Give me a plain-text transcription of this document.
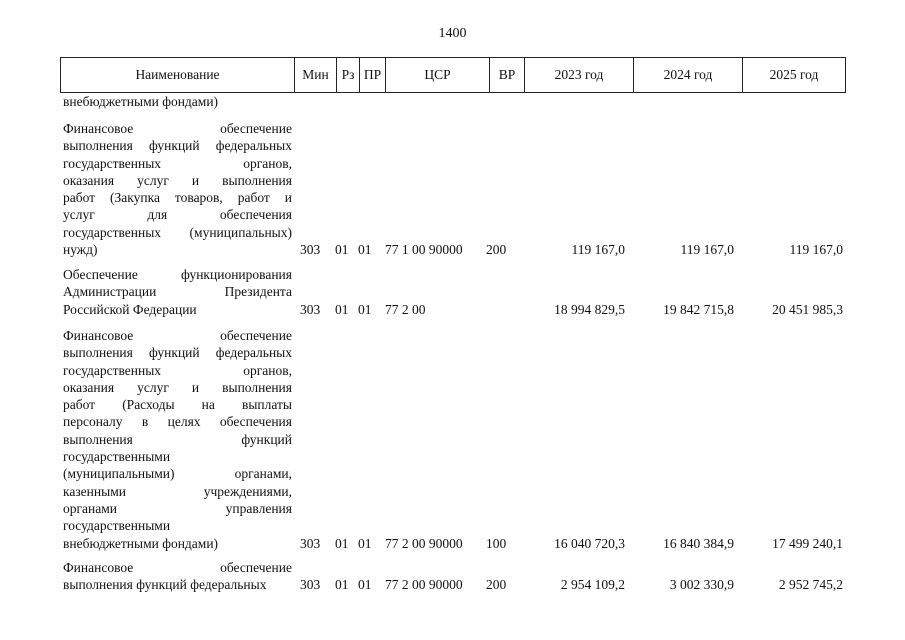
1400
Наименование	Мин Рз ПР	ЦСР	ВР	2023 год	2024 год	2025 год
внебюджетными фондами)
Финансовое обеспечение
выполнения функций федеральных
государственных органов,
оказания услуг и выполнения
работ (Закупка товаров, работ и
услуг для обеспечения
государственных (муниципальных)
нужд)	303 01 01 77 1 00 90000 200	119 167,0	119 167,0	119 167,0
Обеспечение функционирования
Администрации Президента
Российской Федерации	303 01 01 77 2 00	18 994 829,5	19 842 715,8	20 451 985,3
Финансовое обеспечение
выполнения функций федеральных
государственных органов,
оказания услуг и выполнения
работ (Расходы на выплаты
персоналу в целях обеспечения
выполнения функций
государственными
(муниципальными) органами,
казенными учреждениями,
органами управления
государственными
внебюджетными фондами)	303 01 01 77 2 00 90000 100	16 040 720,3	16 840 384,9	17 499 240,1
Финансовое обеспечение
выполнения функций федеральных	303 01 01 77 2 00 90000 200	2 954 109,2	3 002 330,9	2 952 745,2
